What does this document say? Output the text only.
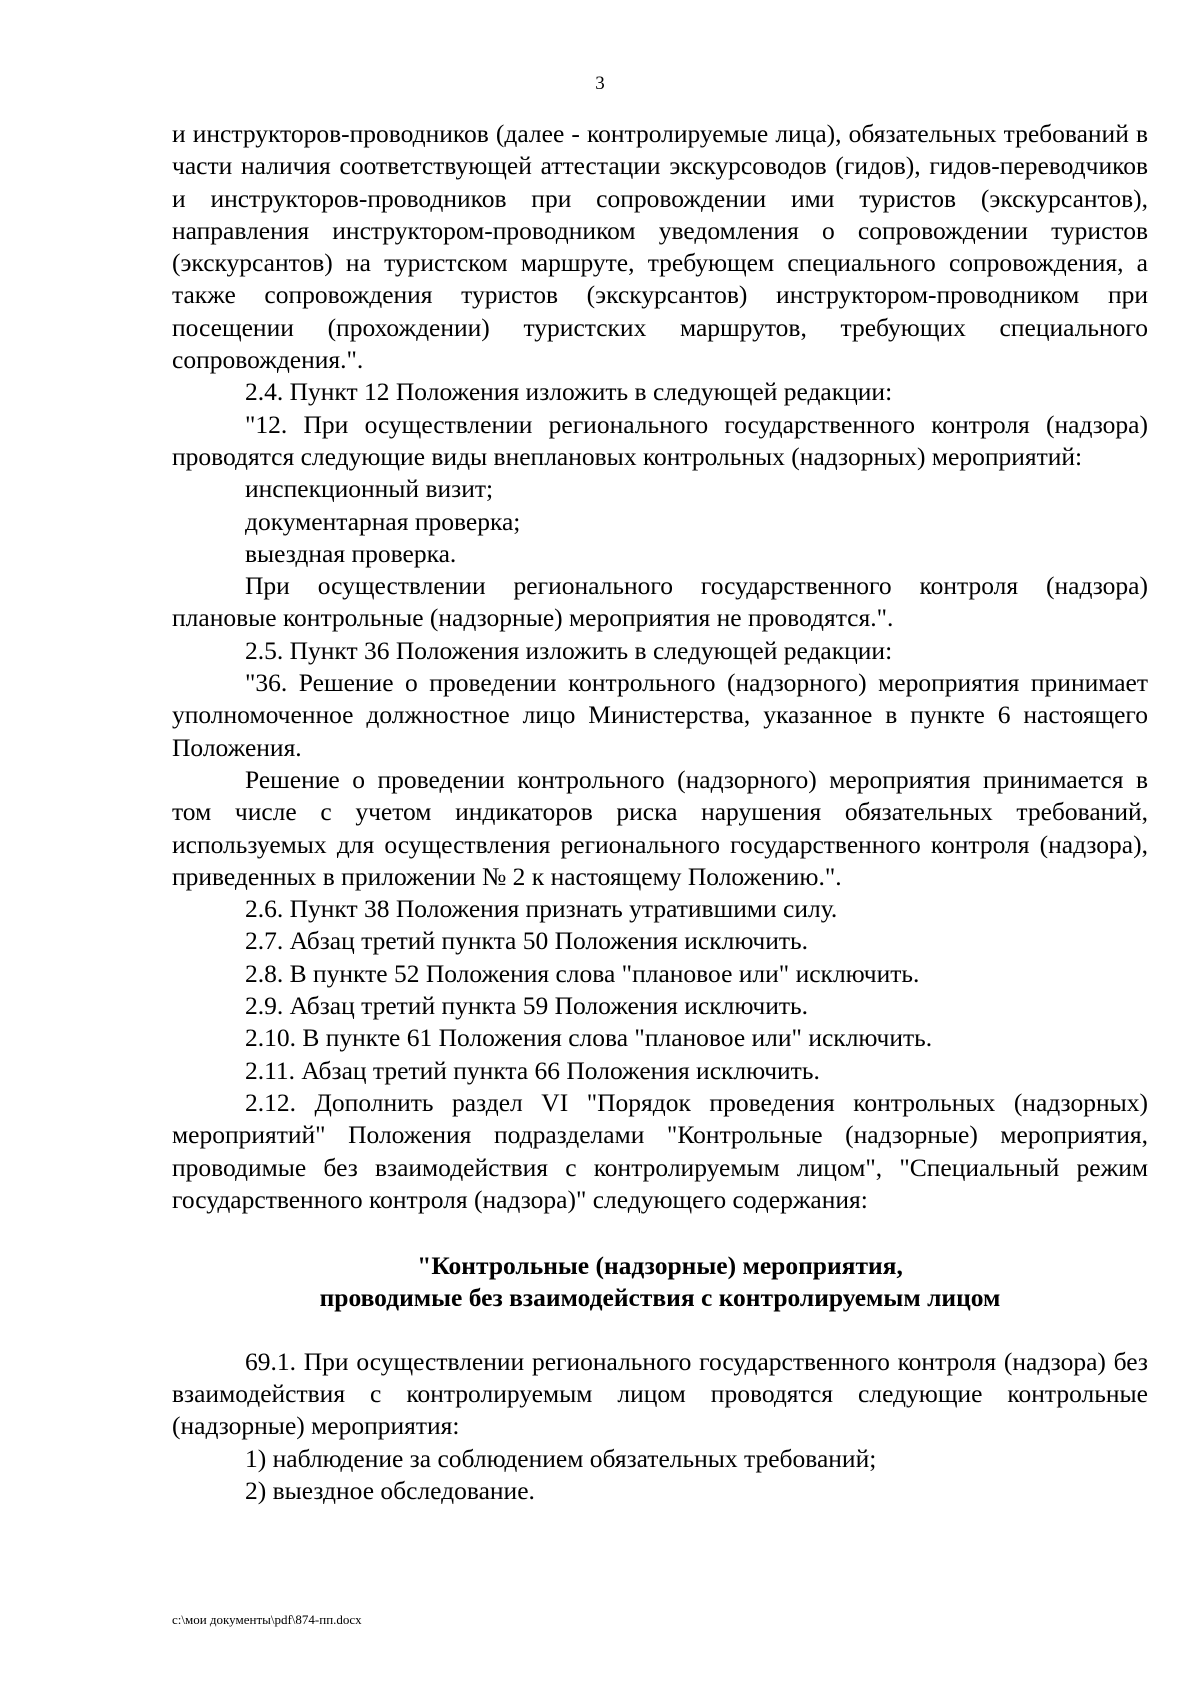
3

и инструкторов-проводников (далее - контролируемые лица), обязательных требований в части наличия соответствующей аттестации экскурсоводов (гидов), гидов-переводчиков и инструкторов-проводников при сопровождении ими туристов (экскурсантов), направления инструктором-проводником уведомления о сопровождении туристов (экскурсантов) на туристском маршруте, требующем специального сопровождения, а также сопровождения туристов (экскурсантов) инструктором-проводником при посещении (прохождении) туристских маршрутов, требующих специального сопровождения.".

2.4. Пункт 12 Положения изложить в следующей редакции:

"12. При осуществлении регионального государственного контроля (надзора) проводятся следующие виды внеплановых контрольных (надзорных) мероприятий:

инспекционный визит;

документарная проверка;

выездная проверка.

При осуществлении регионального государственного контроля (надзора) плановые контрольные (надзорные) мероприятия не проводятся.".

2.5. Пункт 36 Положения изложить в следующей редакции:

"36. Решение о проведении контрольного (надзорного) мероприятия принимает уполномоченное должностное лицо Министерства, указанное в пункте 6 настоящего Положения.

Решение о проведении контрольного (надзорного) мероприятия принимается в том числе с учетом индикаторов риска нарушения обязательных требований, используемых для осуществления регионального государственного контроля (надзора), приведенных в приложении № 2 к настоящему Положению.".

2.6. Пункт 38 Положения признать утратившими силу.

2.7. Абзац третий пункта 50 Положения исключить.

2.8. В пункте 52 Положения слова "плановое или" исключить.

2.9. Абзац третий пункта 59 Положения исключить.

2.10. В пункте 61 Положения слова "плановое или" исключить.

2.11. Абзац третий пункта 66 Положения исключить.

2.12. Дополнить раздел VI "Порядок проведения контрольных (надзорных) мероприятий" Положения подразделами "Контрольные (надзорные) мероприятия, проводимые без взаимодействия с контролируемым лицом", "Специальный режим государственного контроля (надзора)" следующего содержания:

"Контрольные (надзорные) мероприятия,
проводимые без взаимодействия с контролируемым лицом

69.1. При осуществлении регионального государственного контроля (надзора) без взаимодействия с контролируемым лицом проводятся следующие контрольные (надзорные) мероприятия:

1) наблюдение за соблюдением обязательных требований;

2) выездное обследование.

c:\мои документы\pdf\874-пп.docx
